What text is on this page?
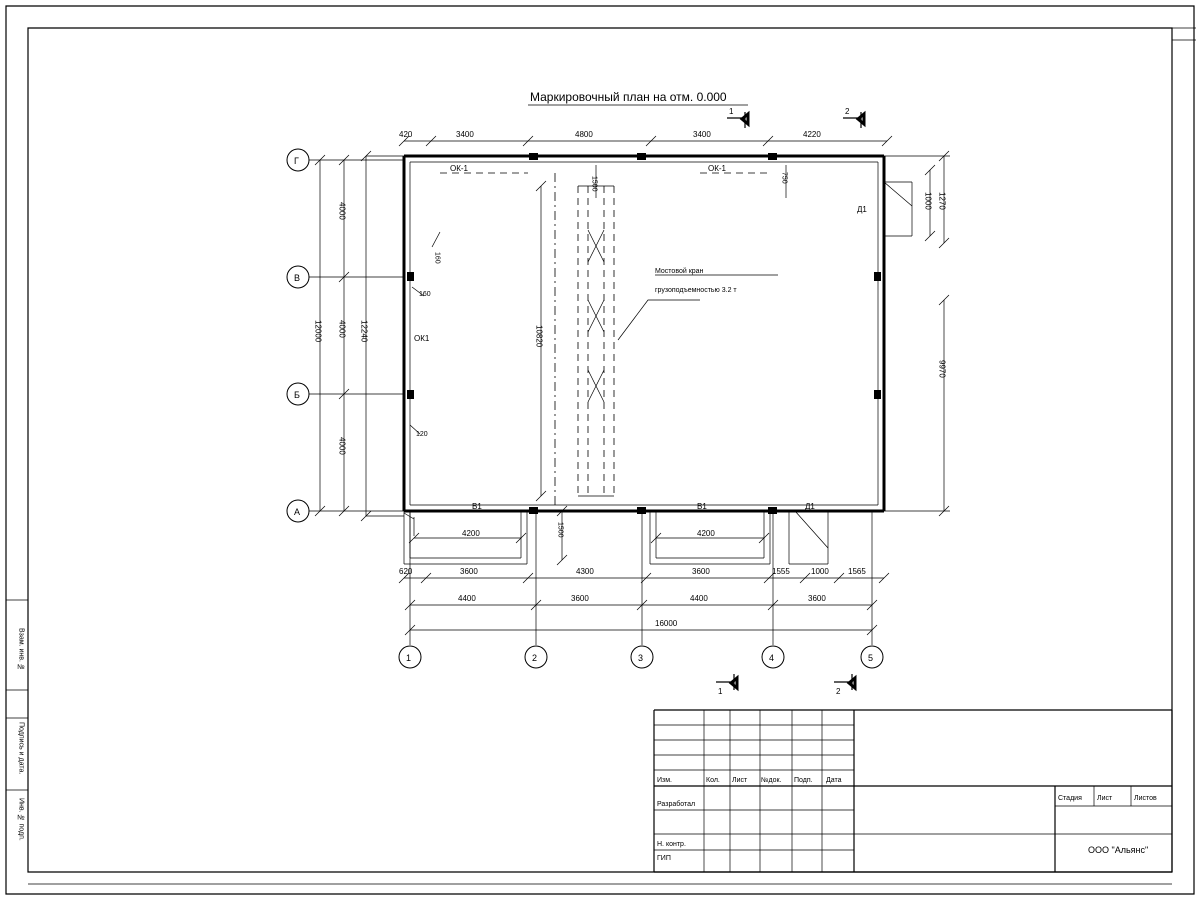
Взам. инв. №
Подпись и дата.
Инв. № подп.
Маркировочный план на отм. 0.000
1	2
1	2
420	3400	4800	3400	4220
Г
В
Б
А
12000
4000
4000
4000
12240
ОК-1	ОК-1
ОК1
Мостовой кран
грузоподъемностью 3.2 т
10820
160
160
120
1500	750
Д1	1000 1270
9970
В1	В1
4200	4200
1500
Д1
620	3600	4300	3600	1555	1000 1565
4400	3600	4400	3600
16000
1	2	3	4	5
Изм.	Кол. Лист №док. Подп. Дата
Разработал
Н. контр.
ГИП
Стадия Лист	Листов
ООО "Альянс"
